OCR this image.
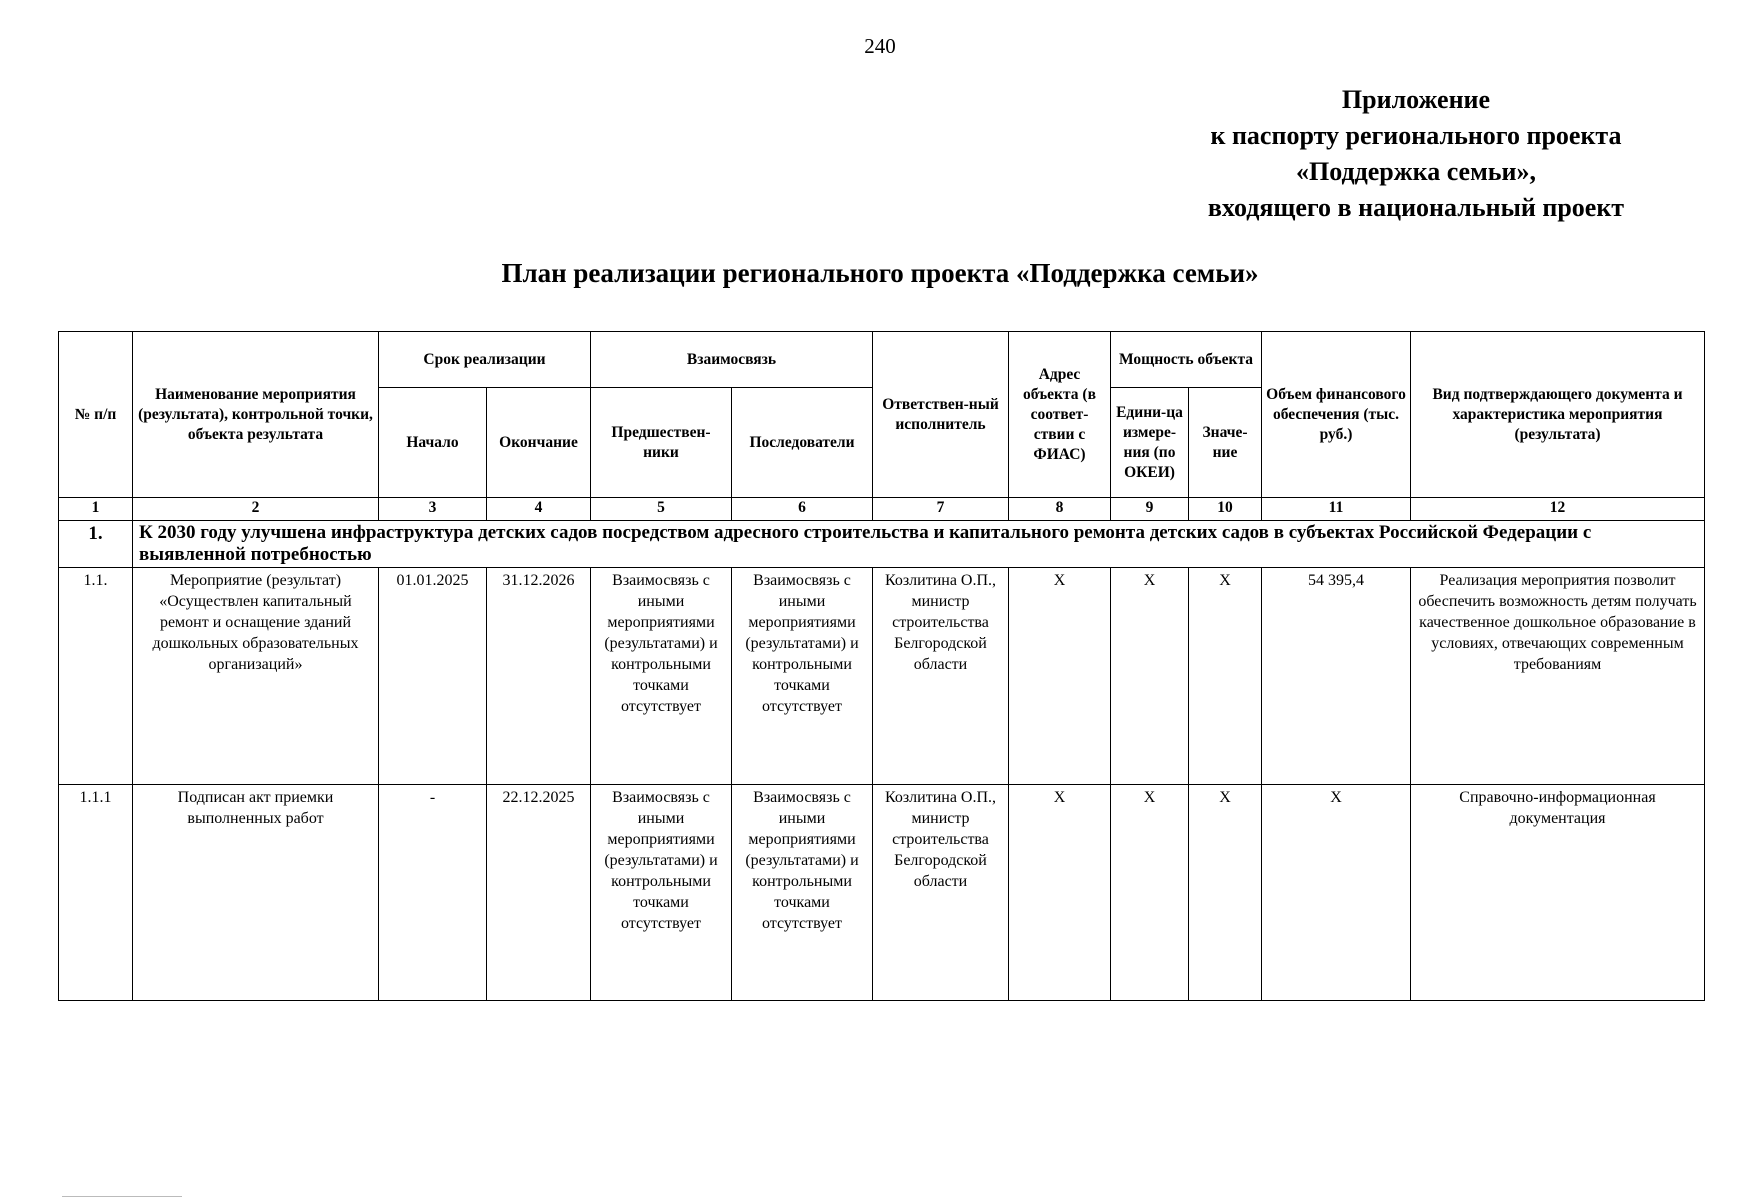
240
Приложение
к паспорту регионального проекта
«Поддержка семьи»,
входящего в национальный проект
План реализации регионального проекта «Поддержка семьи»
№ п/п	Наименование мероприятия (результата), контрольной точки, объекта результата	Срок реализации		Взаимосвязь		Ответствен-ный исполнитель	Адрес объекта (в соответ-ствии с ФИАС)	Мощность объекта		Объем финансового обеспечения (тыс. руб.)	Вид подтверждающего документа и характеристика мероприятия (результата)
		Начало	Окончание	Предшествен-ники	Последователи			Едини-ца измере-ния (по ОКЕИ)	Значе-ние		
1	2	3	4	5	6	7	8	9	10	11	12
1.	К 2030 году улучшена инфраструктура детских садов посредством адресного строительства и капитального ремонта детских садов в субъектах Российской Федерации с выявленной потребностью										
1.1.	Мероприятие (результат) «Осуществлен капитальный ремонт и оснащение зданий дошкольных образовательных организаций»	01.01.2025	31.12.2026	Взаимосвязь с иными мероприятиями (результатами) и контрольными точками отсутствует	Взаимосвязь с иными мероприятиями (результатами) и контрольными точками отсутствует	Козлитина О.П., министр строительства Белгородской области	X	X	X	54 395,4	Реализация мероприятия позволит обеспечить возможность детям получать качественное дошкольное образование в условиях, отвечающих современным требованиям
1.1.1	Подписан акт приемки выполненных работ	-	22.12.2025	Взаимосвязь с иными мероприятиями (результатами) и контрольными точками отсутствует	Взаимосвязь с иными мероприятиями (результатами) и контрольными точками отсутствует	Козлитина О.П., министр строительства Белгородской области	X	X	X	X	Справочно-информационная документация
